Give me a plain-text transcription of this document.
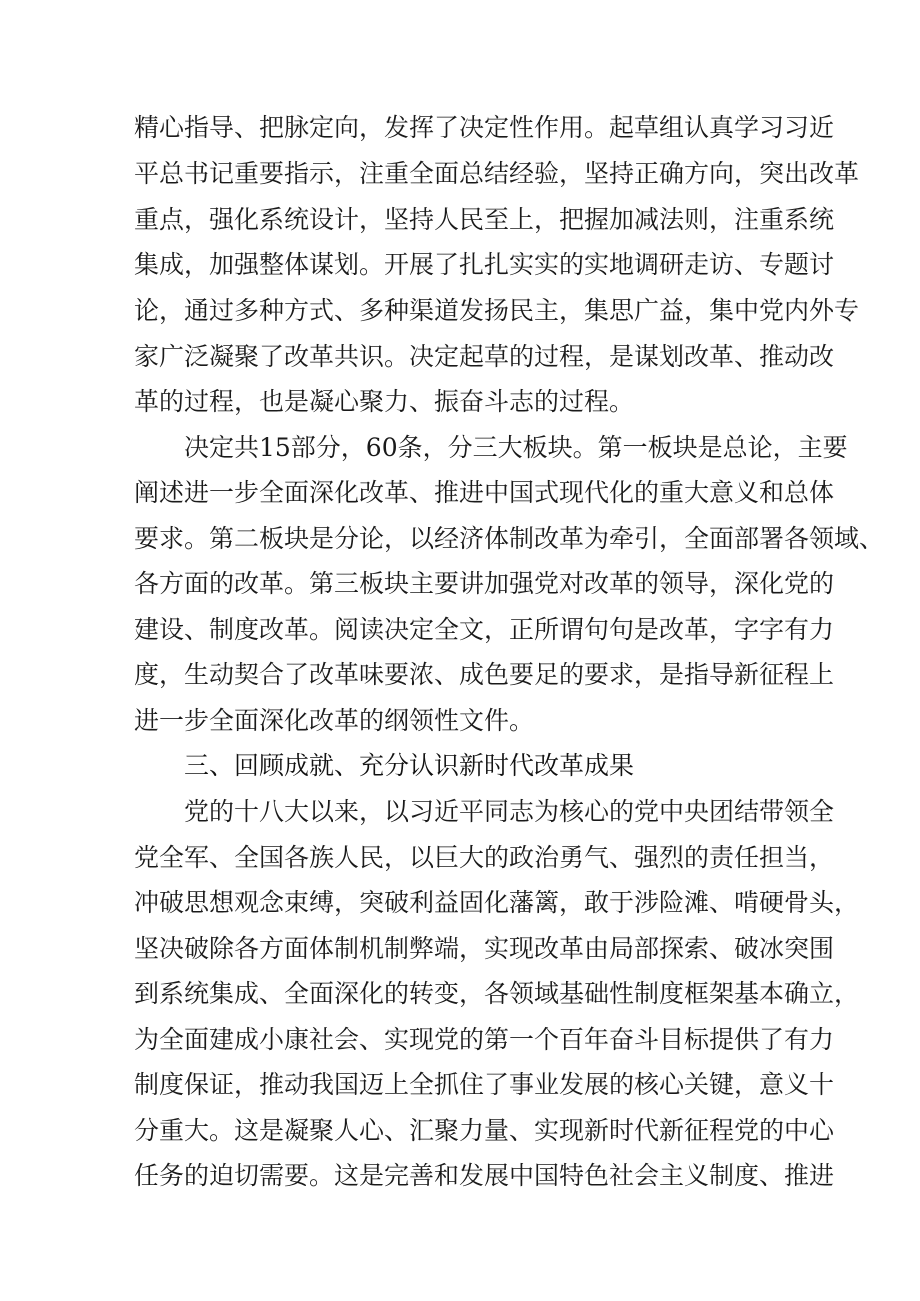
精心指导、把脉定向，发挥了决定性作用。起草组认真学习习近
平总书记重要指示，注重全面总结经验，坚持正确方向，突出改革
重点，强化系统设计，坚持人民至上，把握加减法则，注重系统
集成，加强整体谋划。开展了扎扎实实的实地调研走访、专题讨
论，通过多种方式、多种渠道发扬民主，集思广益，集中党内外专
家广泛凝聚了改革共识。决定起草的过程，是谋划改革、推动改
革的过程，也是凝心聚力、振奋斗志的过程。
决定共15部分，60条，分三大板块。第一板块是总论，主要
阐述进一步全面深化改革、推进中国式现代化的重大意义和总体
要求。第二板块是分论，以经济体制改革为牵引，全面部署各领域、
各方面的改革。第三板块主要讲加强党对改革的领导，深化党的
建设、制度改革。阅读决定全文，正所谓句句是改革，字字有力
度，生动契合了改革味要浓、成色要足的要求，是指导新征程上
进一步全面深化改革的纲领性文件。
三、回顾成就、充分认识新时代改革成果
党的十八大以来，以习近平同志为核心的党中央团结带领全
党全军、全国各族人民，以巨大的政治勇气、强烈的责任担当，
冲破思想观念束缚，突破利益固化藩篱，敢于涉险滩、啃硬骨头，
坚决破除各方面体制机制弊端，实现改革由局部探索、破冰突围
到系统集成、全面深化的转变，各领域基础性制度框架基本确立，
为全面建成小康社会、实现党的第一个百年奋斗目标提供了有力
制度保证，推动我国迈上全抓住了事业发展的核心关键，意义十
分重大。这是凝聚人心、汇聚力量、实现新时代新征程党的中心
任务的迫切需要。这是完善和发展中国特色社会主义制度、推进
